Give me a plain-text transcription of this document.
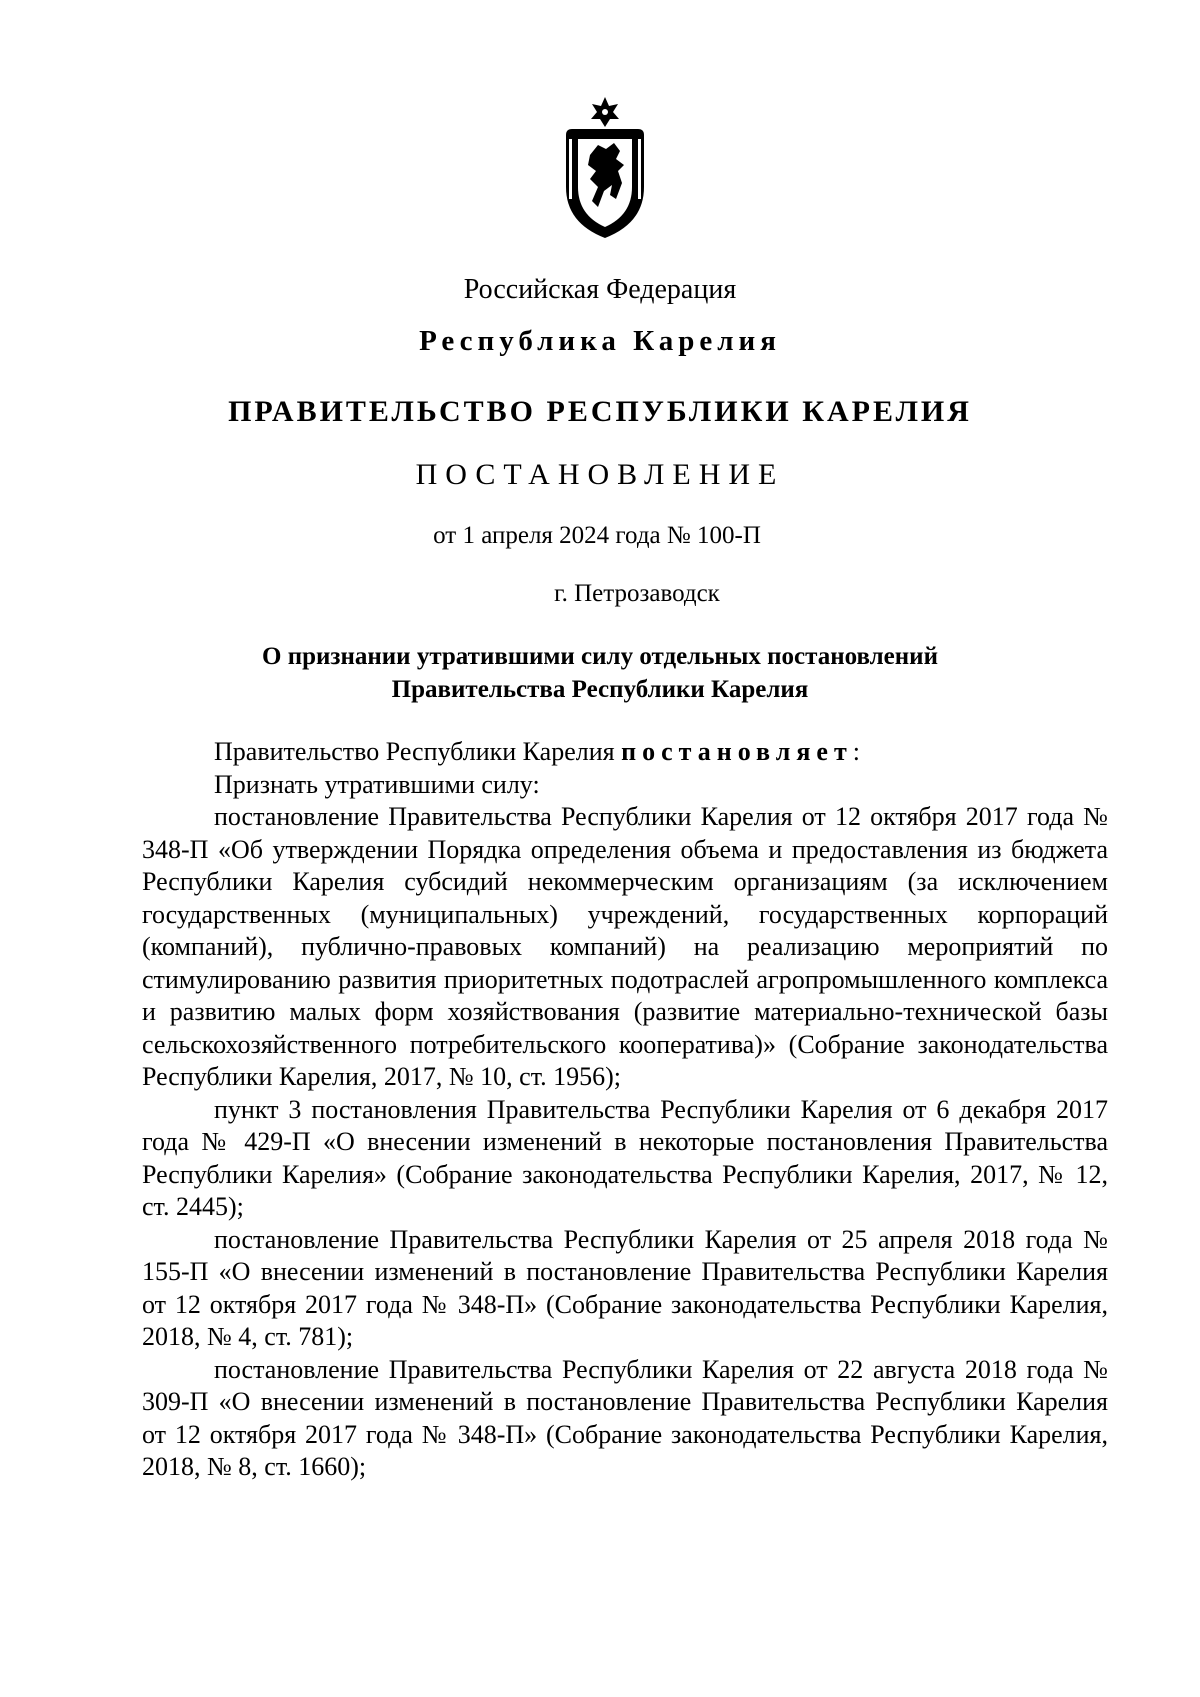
Российская Федерация
Республика Карелия
ПРАВИТЕЛЬСТВО РЕСПУБЛИКИ КАРЕЛИЯ
ПОСТАНОВЛЕНИЕ
от 1 апреля 2024 года № 100-П
г. Петрозаводск
О признании утратившими силу отдельных постановлений
Правительства Республики Карелия

Правительство Республики Карелия постановляет:

Признать утратившими силу:

постановление Правительства Республики Карелия от 12 октября 2017 года № 348-П «Об утверждении Порядка определения объема и предоставления из бюджета Республики Карелия субсидий некоммерческим организациям (за исключением государственных (муниципальных) учреждений, государственных корпораций (компаний), публично-правовых компаний) на реализацию мероприятий по стимулированию развития приоритетных подотраслей агропромышленного комплекса и развитию малых форм хозяйствования (развитие материально-технической базы сельскохозяйственного потребительского кооператива)» (Собрание законодательства Республики Карелия, 2017, № 10, ст. 1956);

пункт 3 постановления Правительства Республики Карелия от 6 декабря 2017 года № 429-П «О внесении изменений в некоторые постановления Правительства Республики Карелия» (Собрание законодательства Республики Карелия, 2017, № 12, ст. 2445);

постановление Правительства Республики Карелия от 25 апреля 2018 года № 155-П «О внесении изменений в постановление Правительства Республики Карелия от 12 октября 2017 года № 348-П» (Собрание законодательства Республики Карелия, 2018, № 4, ст. 781);

постановление Правительства Республики Карелия от 22 августа 2018 года № 309-П «О внесении изменений в постановление Правительства Республики Карелия от 12 октября 2017 года № 348-П» (Собрание законодательства Республики Карелия, 2018, № 8, ст. 1660);
